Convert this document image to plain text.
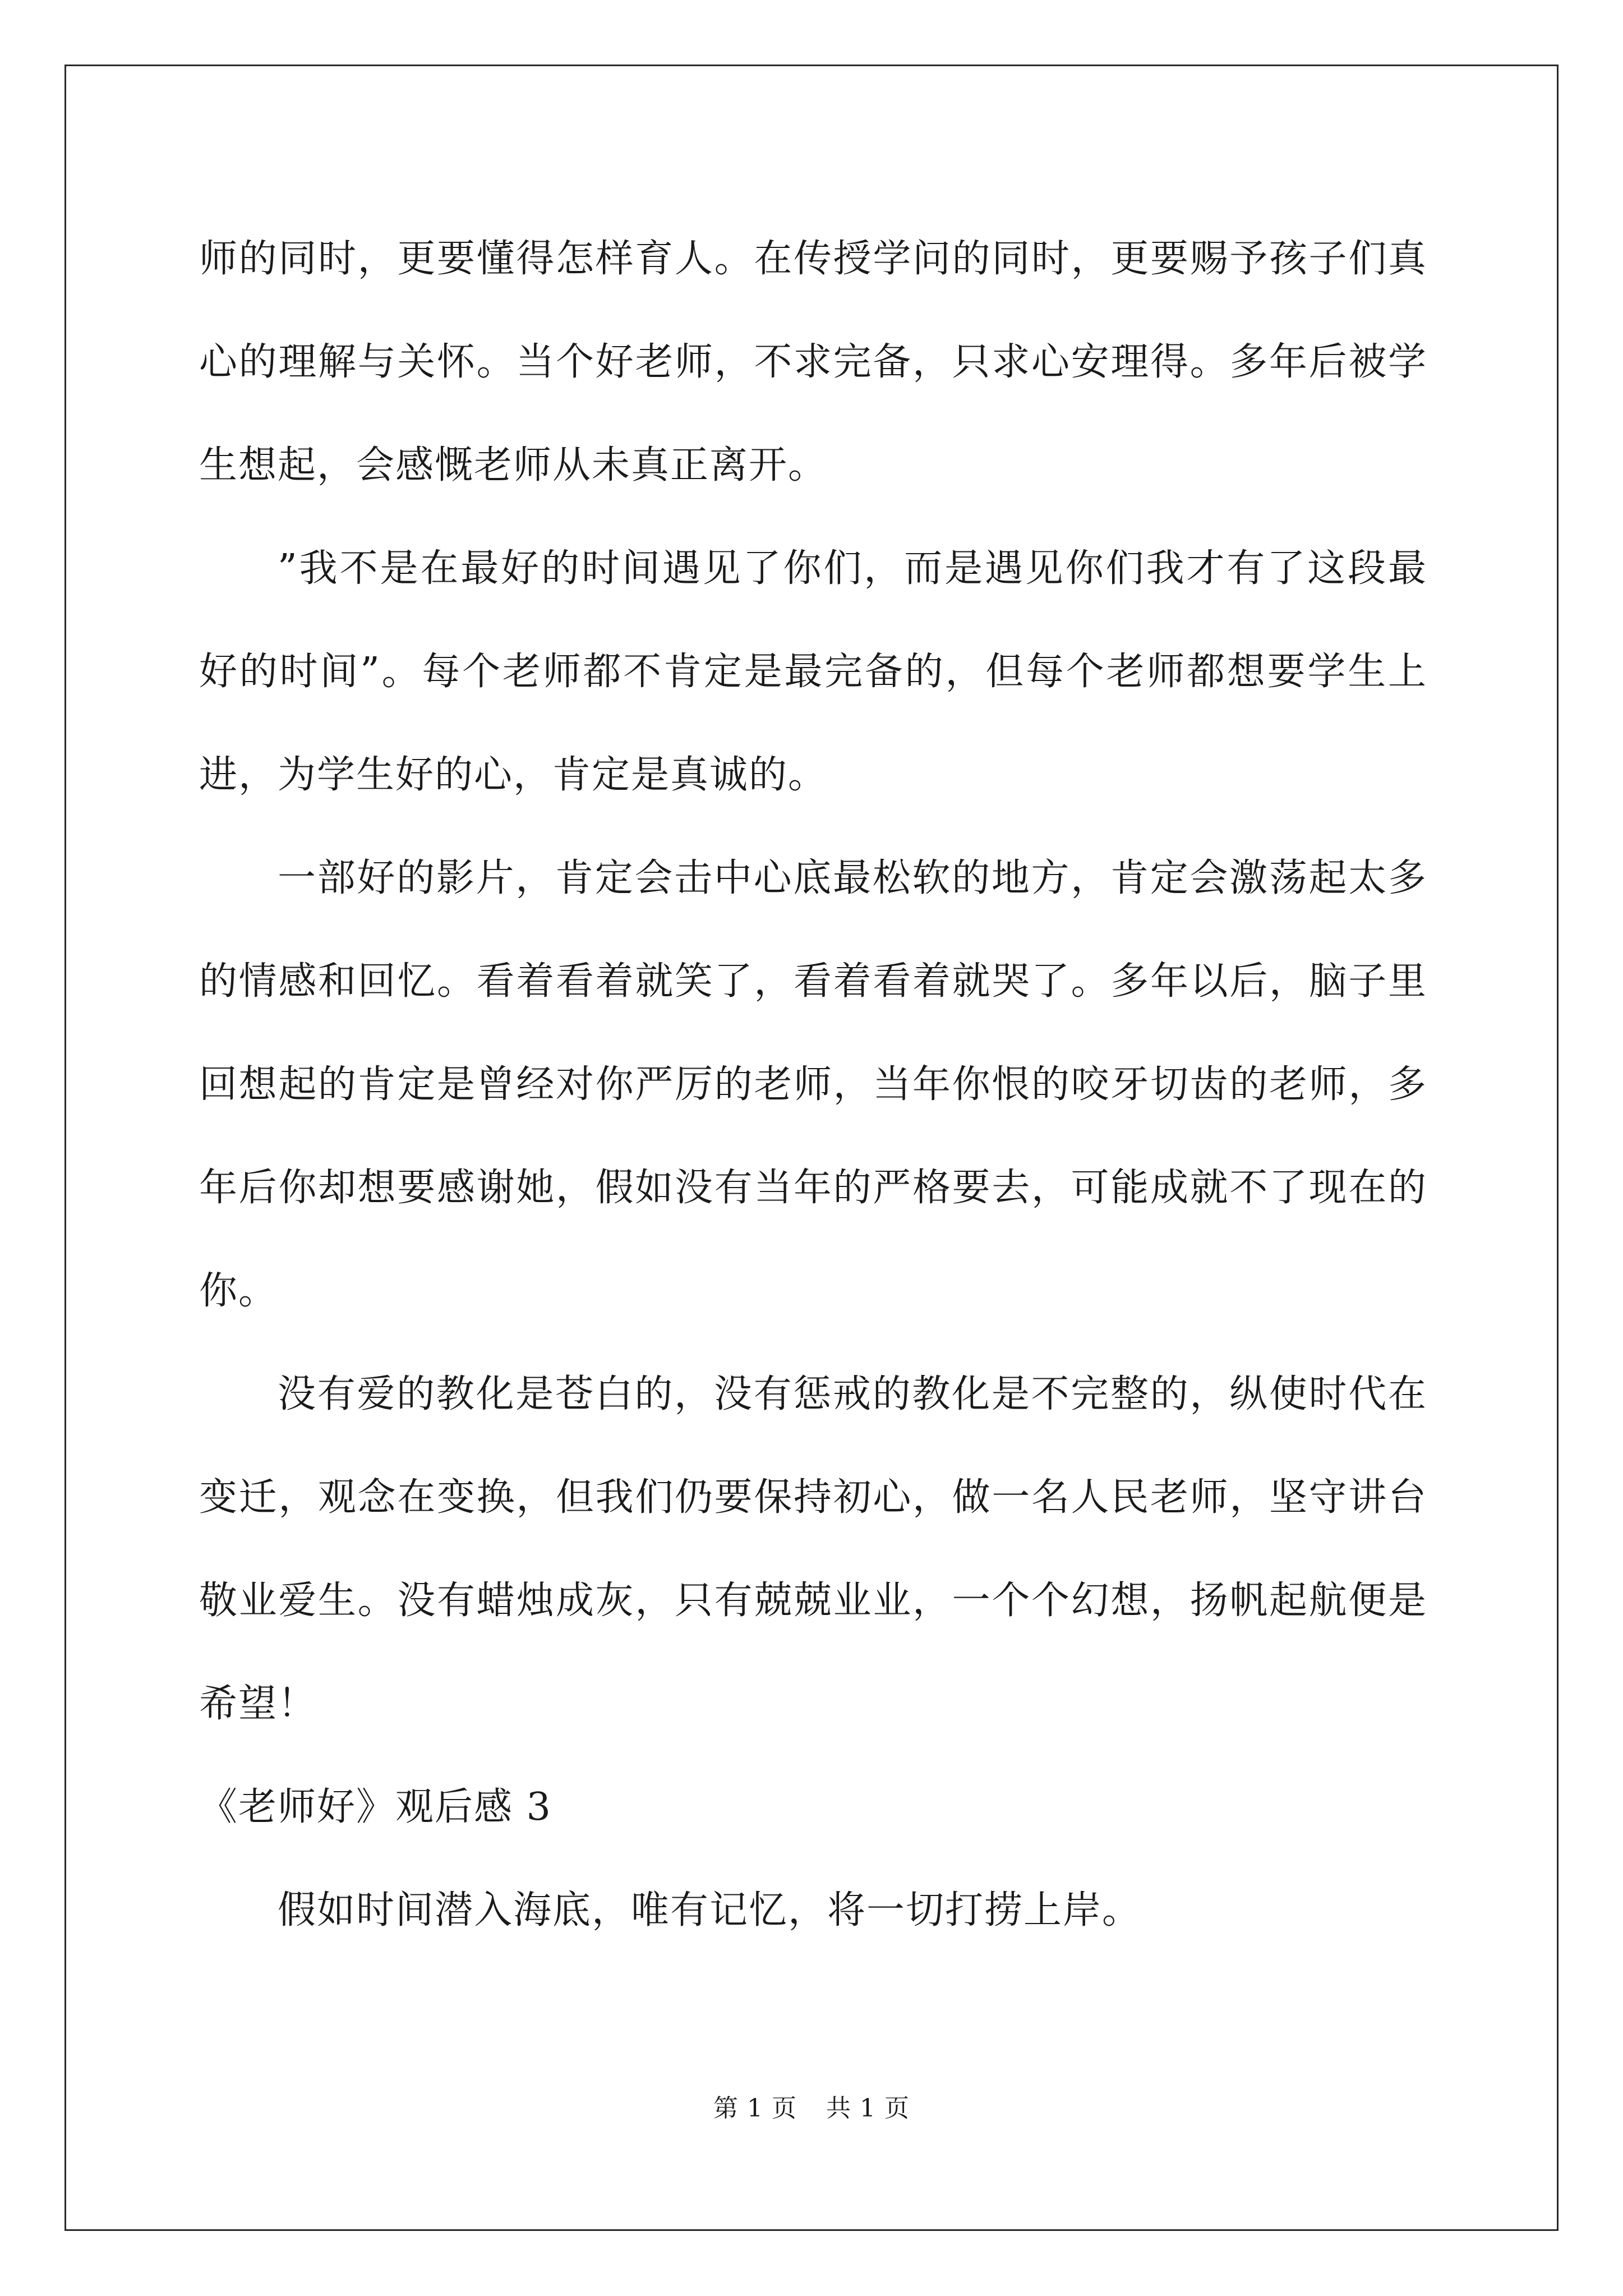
师的同时，更要懂得怎样育人。在传授学问的同时，更要赐予孩子们真心的理解与关怀。当个好老师，不求完备，只求心安理得。多年后被学生想起，会感慨老师从未真正离开。

”我不是在最好的时间遇见了你们，而是遇见你们我才有了这段最好的时间”。每个老师都不肯定是最完备的，但每个老师都想要学生上进，为学生好的心，肯定是真诚的。

一部好的影片，肯定会击中心底最松软的地方，肯定会激荡起太多的情感和回忆。看着看着就笑了，看着看着就哭了。多年以后，脑子里回想起的肯定是曾经对你严厉的老师，当年你恨的咬牙切齿的老师，多年后你却想要感谢她，假如没有当年的严格要去，可能成就不了现在的你。

没有爱的教化是苍白的，没有惩戒的教化是不完整的，纵使时代在变迁，观念在变换，但我们仍要保持初心，做一名人民老师，坚守讲台敬业爱生。没有蜡烛成灰，只有兢兢业业，一个个幻想，扬帆起航便是希望！

《老师好》观后感 3

假如时间潜入海底，唯有记忆，将一切打捞上岸。

第 1 页 共 1 页
